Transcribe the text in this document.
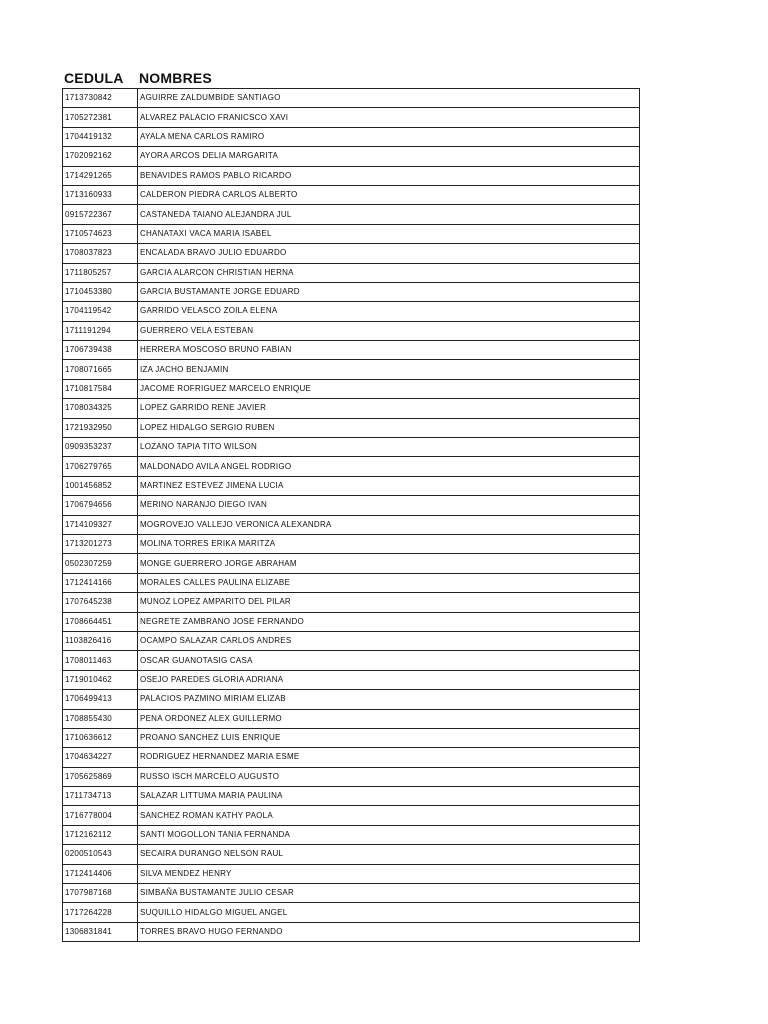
CEDULA NOMBRES
1713730842	AGUIRRE ZALDUMBIDE SANTIAGO
1705272381	ALVAREZ PALACIO FRANICSCO XAVI
1704419132	AYALA MENA CARLOS RAMIRO
1702092162	AYORA ARCOS DELIA MARGARITA
1714291265	BENAVIDES RAMOS PABLO RICARDO
1713160933	CALDERON PIEDRA CARLOS ALBERTO
0915722367	CASTANEDA TAIANO ALEJANDRA JUL
1710574623	CHANATAXI VACA MARIA ISABEL
1708037823	ENCALADA BRAVO JULIO EDUARDO
1711805257	GARCIA ALARCON CHRISTIAN HERNA
1710453380	GARCIA BUSTAMANTE JORGE EDUARD
1704119542	GARRIDO VELASCO ZOILA ELENA
1711191294	GUERRERO VELA ESTEBAN
1706739438	HERRERA MOSCOSO BRUNO FABIAN
1708071665	IZA JACHO BENJAMIN
1710817584	JACOME ROFRIGUEZ MARCELO ENRIQUE
1708034325	LOPEZ GARRIDO RENE JAVIER
1721932950	LOPEZ HIDALGO SERGIO RUBEN
0909353237	LOZANO TAPIA TITO WILSON
1706279765	MALDONADO AVILA ANGEL RODRIGO
1001456852	MARTINEZ ESTEVEZ JIMENA LUCIA
1706794656	MERINO NARANJO DIEGO IVAN
1714109327	MOGROVEJO VALLEJO VERONICA ALEXANDRA
1713201273	MOLINA TORRES ERIKA MARITZA
0502307259	MONGE GUERRERO JORGE ABRAHAM
1712414166	MORALES CALLES PAULINA ELIZABE
1707645238	MUNOZ LOPEZ AMPARITO DEL PILAR
1708664451	NEGRETE ZAMBRANO JOSE FERNANDO
1103826416	OCAMPO SALAZAR CARLOS ANDRES
1708011463	OSCAR GUANOTASIG CASA
1719010462	OSEJO PAREDES GLORIA ADRIANA
1706499413	PALACIOS PAZMINO MIRIAM ELIZAB
1708855430	PENA ORDONEZ ALEX GUILLERMO
1710636612	PROANO SANCHEZ LUIS ENRIQUE
1704634227	RODRIGUEZ HERNANDEZ MARIA ESME
1705625869	RUSSO ISCH MARCELO AUGUSTO
1711734713	SALAZAR LITTUMA MARIA PAULINA
1716778004	SANCHEZ ROMAN KATHY PAOLA
1712162112	SANTI MOGOLLON TANIA FERNANDA
0200510543	SECAIRA DURANGO NELSON RAUL
1712414406	SILVA MENDEZ HENRY
1707987168	SIMBAÑA BUSTAMANTE JULIO CESAR
1717264228	SUQUILLO HIDALGO MIGUEL ANGEL
1306831841	TORRES BRAVO HUGO FERNANDO
